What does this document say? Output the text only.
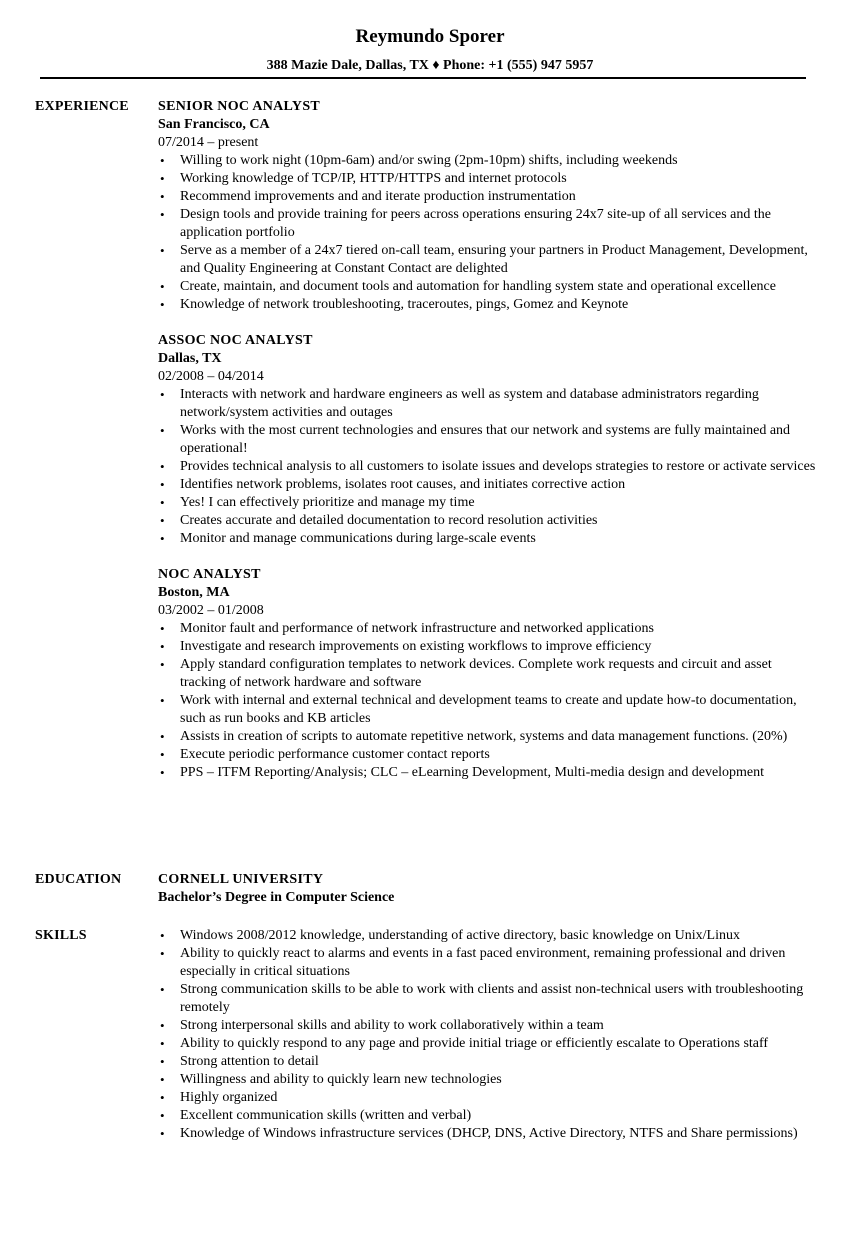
Reymundo Sporer
388 Mazie Dale, Dallas, TX ♦ Phone: +1 (555) 947 5957
EXPERIENCE SENIOR NOC ANALYST
San Francisco, CA
07/2014 – present
• Willing to work night (10pm-6am) and/or swing (2pm-10pm) shifts, including weekends
• Working knowledge of TCP/IP, HTTP/HTTPS and internet protocols
• Recommend improvements and and iterate production instrumentation
• Design tools and provide training for peers across operations ensuring 24x7 site-up of all services and the application portfolio
• Serve as a member of a 24x7 tiered on-call team, ensuring your partners in Product Management, Development, and Quality Engineering at Constant Contact are delighted
• Create, maintain, and document tools and automation for handling system state and operational excellence
• Knowledge of network troubleshooting, traceroutes, pings, Gomez and Keynote
ASSOC NOC ANALYST
Dallas, TX
02/2008 – 04/2014
• Interacts with network and hardware engineers as well as system and database administrators regarding network/system activities and outages
• Works with the most current technologies and ensures that our network and systems are fully maintained and operational!
• Provides technical analysis to all customers to isolate issues and develops strategies to restore or activate services
• Identifies network problems, isolates root causes, and initiates corrective action
• Yes! I can effectively prioritize and manage my time
• Creates accurate and detailed documentation to record resolution activities
• Monitor and manage communications during large-scale events
NOC ANALYST
Boston, MA
03/2002 – 01/2008
• Monitor fault and performance of network infrastructure and networked applications
• Investigate and research improvements on existing workflows to improve efficiency
• Apply standard configuration templates to network devices. Complete work requests and circuit and asset tracking of network hardware and software
• Work with internal and external technical and development teams to create and update how-to documentation, such as run books and KB articles
• Assists in creation of scripts to automate repetitive network, systems and data management functions. (20%)
• Execute periodic performance customer contact reports
• PPS – ITFM Reporting/Analysis; CLC – eLearning Development, Multi-media design and development
EDUCATION	CORNELL UNIVERSITY
Bachelor’s Degree in Computer Science
SKILLS	• Windows 2008/2012 knowledge, understanding of active directory, basic knowledge on Unix/Linux
• Ability to quickly react to alarms and events in a fast paced environment, remaining professional and driven especially in critical situations
• Strong communication skills to be able to work with clients and assist non-technical users with troubleshooting remotely
• Strong interpersonal skills and ability to work collaboratively within a team
• Ability to quickly respond to any page and provide initial triage or efficiently escalate to Operations staff
• Strong attention to detail
• Willingness and ability to quickly learn new technologies
• Highly organized
• Excellent communication skills (written and verbal)
• Knowledge of Windows infrastructure services (DHCP, DNS, Active Directory, NTFS and Share permissions)
